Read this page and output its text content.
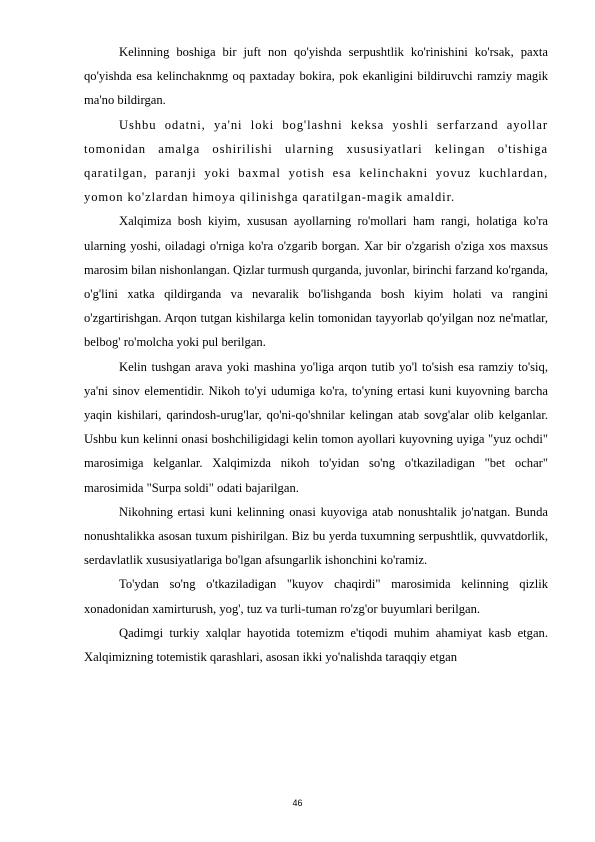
Kelinning boshiga bir juft non qo'yishda serpushtlik ko'rinishini ko'rsak, paxta qo'yishda esa kelinchaknmg oq paxtaday bokira, pok ekanligini bildiruvchi ramziy magik ma'no bildirgan.

Ushbu odatni, ya'ni loki bog'lashni keksa yoshli serfarzand ayollar tomonidan amalga oshirilishi ularning xususiyatlari kelingan o'tishiga qaratilgan, paranji yoki baxmal yotish esa kelinchakni yovuz kuchlardan, yomon ko'zlardan himoya qilinishga qaratilgan-magik amaldir.

Xalqimiza bosh kiyim, xususan ayollarning ro'mollari ham rangi, holatiga ko'ra ularning yoshi, oiladagi o'rniga ko'ra o'zgarib borgan. Xar bir o'zgarish o'ziga xos maxsus marosim bilan nishonlangan. Qizlar turmush qurganda, juvonlar, birinchi farzand ko'rganda, o'g'lini xatka qildirganda va nevaralik bo'lishganda bosh kiyim holati va rangini o'zgartirishgan. Arqon tutgan kishilarga kelin tomonidan tayyorlab qo'yilgan noz ne'matlar, belbog' ro'molcha yoki pul berilgan.

Kelin tushgan arava yoki mashina yo'liga arqon tutib yo'l to'sish esa ramziy to'siq, ya'ni sinov elementidir. Nikoh to'yi udumiga ko'ra, to'yning ertasi kuni kuyovning barcha yaqin kishilari, qarindosh-urug'lar, qo'ni-qo'shnilar kelingan atab sovg'alar olib kelganlar. Ushbu kun kelinni onasi boshchiligidagi kelin tomon ayollari kuyovning uyiga "yuz ochdi" marosimiga kelganlar. Xalqimizda nikoh to'yidan so'ng o'tkaziladigan "bet ochar" marosimida "Surpa soldi" odati bajarilgan.

Nikohning ertasi kuni kelinning onasi kuyoviga atab nonushtalik jo'natgan. Bunda nonushtalikka asosan tuxum pishirilgan. Biz bu yerda tuxumning serpushtlik, quvvatdorlik, serdavlatlik xususiyatlariga bo'lgan afsungarlik ishonchini ko'ramiz.

To'ydan so'ng o'tkaziladigan "kuyov chaqirdi" marosimida kelinning qizlik xonadonidan xamirturush, yog', tuz va turli-tuman ro'zg'or buyumlari berilgan.

Qadimgi turkiy xalqlar hayotida totemizm e'tiqodi muhim ahamiyat kasb etgan. Xalqimizning totemistik qarashlari, asosan ikki yo'nalishda taraqqiy etgan

46
